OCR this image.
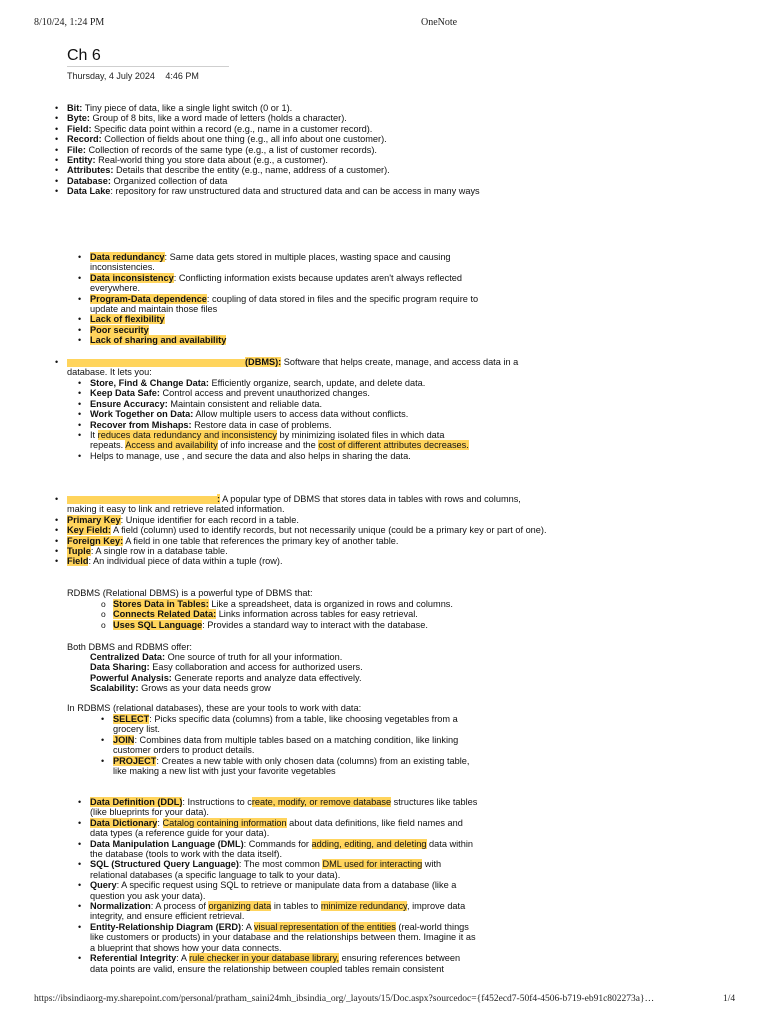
8/10/24, 1:24 PM	OneNote
Ch 6
Thursday, 4 July 2024 4:46 PM
• Bit: Tiny piece of data, like a single light switch (0 or 1).
• Byte: Group of 8 bits, like a word made of letters (holds a character).
• Field: Specific data point within a record (e.g., name in a customer record).
• Record: Collection of fields about one thing (e.g., all info about one customer).
• File: Collection of records of the same type (e.g., a list of customer records).
• Entity: Real-world thing you store data about (e.g., a customer).
• Attributes: Details that describe the entity (e.g., name, address of a customer).
• Database: Organized collection of data
• Data Lake: repository for raw unstructured data and structured data and can be access in many ways
• Data redundancy: Same data gets stored in multiple places, wasting space and causing inconsistencies.
• Data inconsistency: Conflicting information exists because updates aren't always reflected everywhere.
• Program-Data dependence: coupling of data stored in files and the specific program require to update and maintain those files
• Lack of flexibility
• Poor security
• Lack of sharing and availability
• (DBMS): Software that helps create, manage, and access data in a database. It lets you:
• Store, Find & Change Data: Efficiently organize, search, update, and delete data.
• Keep Data Safe: Control access and prevent unauthorized changes.
• Ensure Accuracy: Maintain consistent and reliable data.
• Work Together on Data: Allow multiple users to access data without conflicts.
• Recover from Mishaps: Restore data in case of problems.
• It reduces data redundancy and inconsistency by minimizing isolated files in which data repeats. Access and availability of info increase and the cost of different attributes decreases.
• Helps to manage, use , and secure the data and also helps in sharing the data.
• : A popular type of DBMS that stores data in tables with rows and columns, making it easy to link and retrieve related information.
• Primary Key: Unique identifier for each record in a table.
• Key Field: A field (column) used to identify records, but not necessarily unique (could be a primary key or part of one).
• Foreign Key: A field in one table that references the primary key of another table.
• Tuple: A single row in a database table.
• Field: An individual piece of data within a tuple (row).
RDBMS (Relational DBMS) is a powerful type of DBMS that:
o Stores Data in Tables: Like a spreadsheet, data is organized in rows and columns.
o Connects Related Data: Links information across tables for easy retrieval.
o Uses SQL Language: Provides a standard way to interact with the database.
Both DBMS and RDBMS offer:
Centralized Data: One source of truth for all your information.
Data Sharing: Easy collaboration and access for authorized users.
Powerful Analysis: Generate reports and analyze data effectively.
Scalability: Grows as your data needs grow
In RDBMS (relational databases), these are your tools to work with data:
• SELECT: Picks specific data (columns) from a table, like choosing vegetables from a grocery list.
• JOIN: Combines data from multiple tables based on a matching condition, like linking customer orders to product details.
• PROJECT: Creates a new table with only chosen data (columns) from an existing table, like making a new list with just your favorite vegetables
• Data Definition (DDL): Instructions to create, modify, or remove database structures like tables (like blueprints for your data).
• Data Dictionary: Catalog containing information about data definitions, like field names and data types (a reference guide for your data).
• Data Manipulation Language (DML): Commands for adding, editing, and deleting data within the database (tools to work with the data itself).
• SQL (Structured Query Language): The most common DML used for interacting with relational databases (a specific language to talk to your data).
• Query: A specific request using SQL to retrieve or manipulate data from a database (like a question you ask your data).
• Normalization: A process of organizing data in tables to minimize redundancy, improve data integrity, and ensure efficient retrieval.
• Entity-Relationship Diagram (ERD): A visual representation of the entities (real-world things like customers or products) in your database and the relationships between them. Imagine it as a blueprint that shows how your data connects.
• Referential Integrity: A rule checker in your database library, ensuring references between data points are valid, ensure the relationship between coupled tables remain consistent
https://ibsindiaorg-my.sharepoint.com/personal/pratham_saini24mh_ibsindia_org/_layouts/15/Doc.aspx?sourcedoc={f452ecd7-50f4-4506-b719-eb91c802273a}…	1/4
